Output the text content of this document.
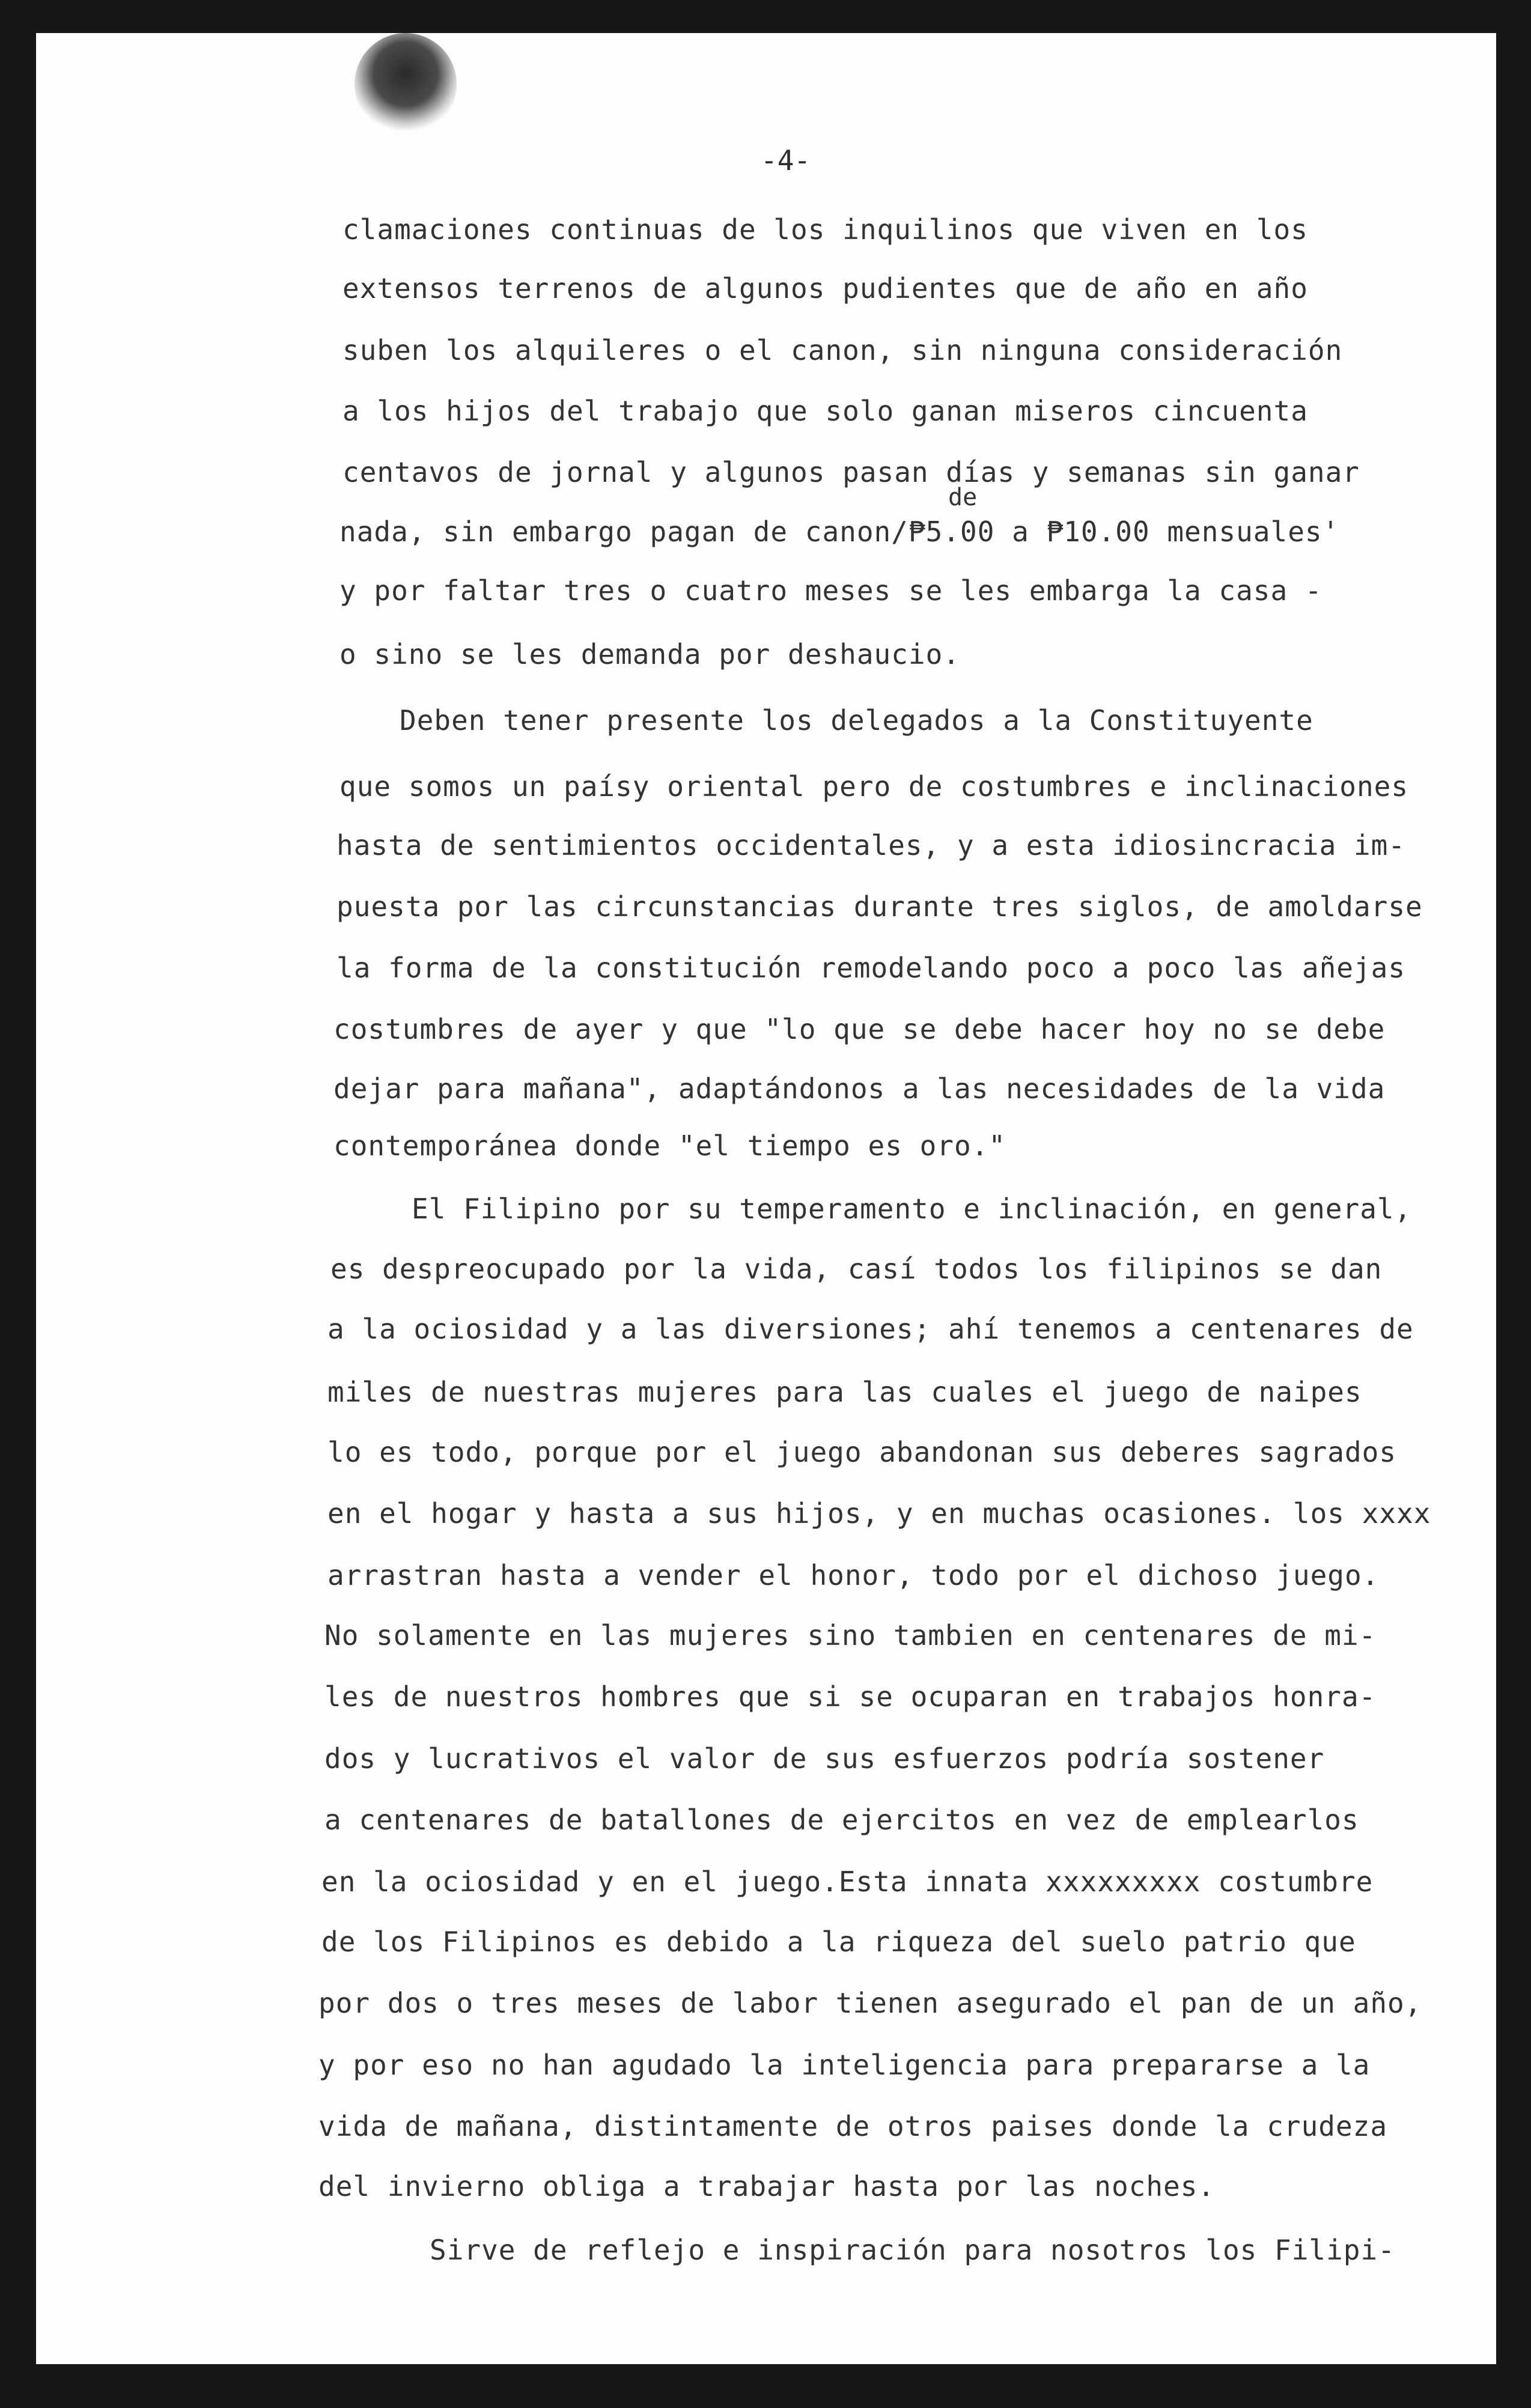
-4-
de

clamaciones continuas de los inquilinos que viven en los

extensos terrenos de algunos pudientes que de año en año

suben los alquileres o el canon, sin ninguna consideración

a los hijos del trabajo que solo ganan miseros cincuenta

centavos de jornal y algunos pasan días y semanas sin ganar

nada, sin embargo pagan de canon/₱5.00 a ₱10.00 mensuales'

y por faltar tres o cuatro meses se les embarga la casa -

o sino se les demanda por deshaucio.

Deben tener presente los delegados a la Constituyente

que somos un paísy oriental pero de costumbres e inclinaciones

hasta de sentimientos occidentales, y a esta idiosincracia im-

puesta por las circunstancias durante tres siglos, de amoldarse

la forma de la constitución remodelando poco a poco las añejas

costumbres de ayer y que "lo que se debe hacer hoy no se debe

dejar para mañana", adaptándonos a las necesidades de la vida

contemporánea donde "el tiempo es oro."

El Filipino por su temperamento e inclinación, en general,

es despreocupado por la vida, casí todos los filipinos se dan

a la ociosidad y a las diversiones; ahí tenemos a centenares de

miles de nuestras mujeres para las cuales el juego de naipes

lo es todo, porque por el juego abandonan sus deberes sagrados

en el hogar y hasta a sus hijos, y en muchas ocasiones. los xxxx

arrastran hasta a vender el honor, todo por el dichoso juego.

No solamente en las mujeres sino tambien en centenares de mi-

les de nuestros hombres que si se ocuparan en trabajos honra-

dos y lucrativos el valor de sus esfuerzos podría sostener

a centenares de batallones de ejercitos en vez de emplearlos

en la ociosidad y en el juego.Esta innata xxxxxxxxx costumbre

de los Filipinos es debido a la riqueza del suelo patrio que

por dos o tres meses de labor tienen asegurado el pan de un año,

y por eso no han agudado la inteligencia para prepararse a la

vida de mañana, distintamente de otros paises donde la crudeza

del invierno obliga a trabajar hasta por las noches.

Sirve de reflejo e inspiración para nosotros los Filipi-
